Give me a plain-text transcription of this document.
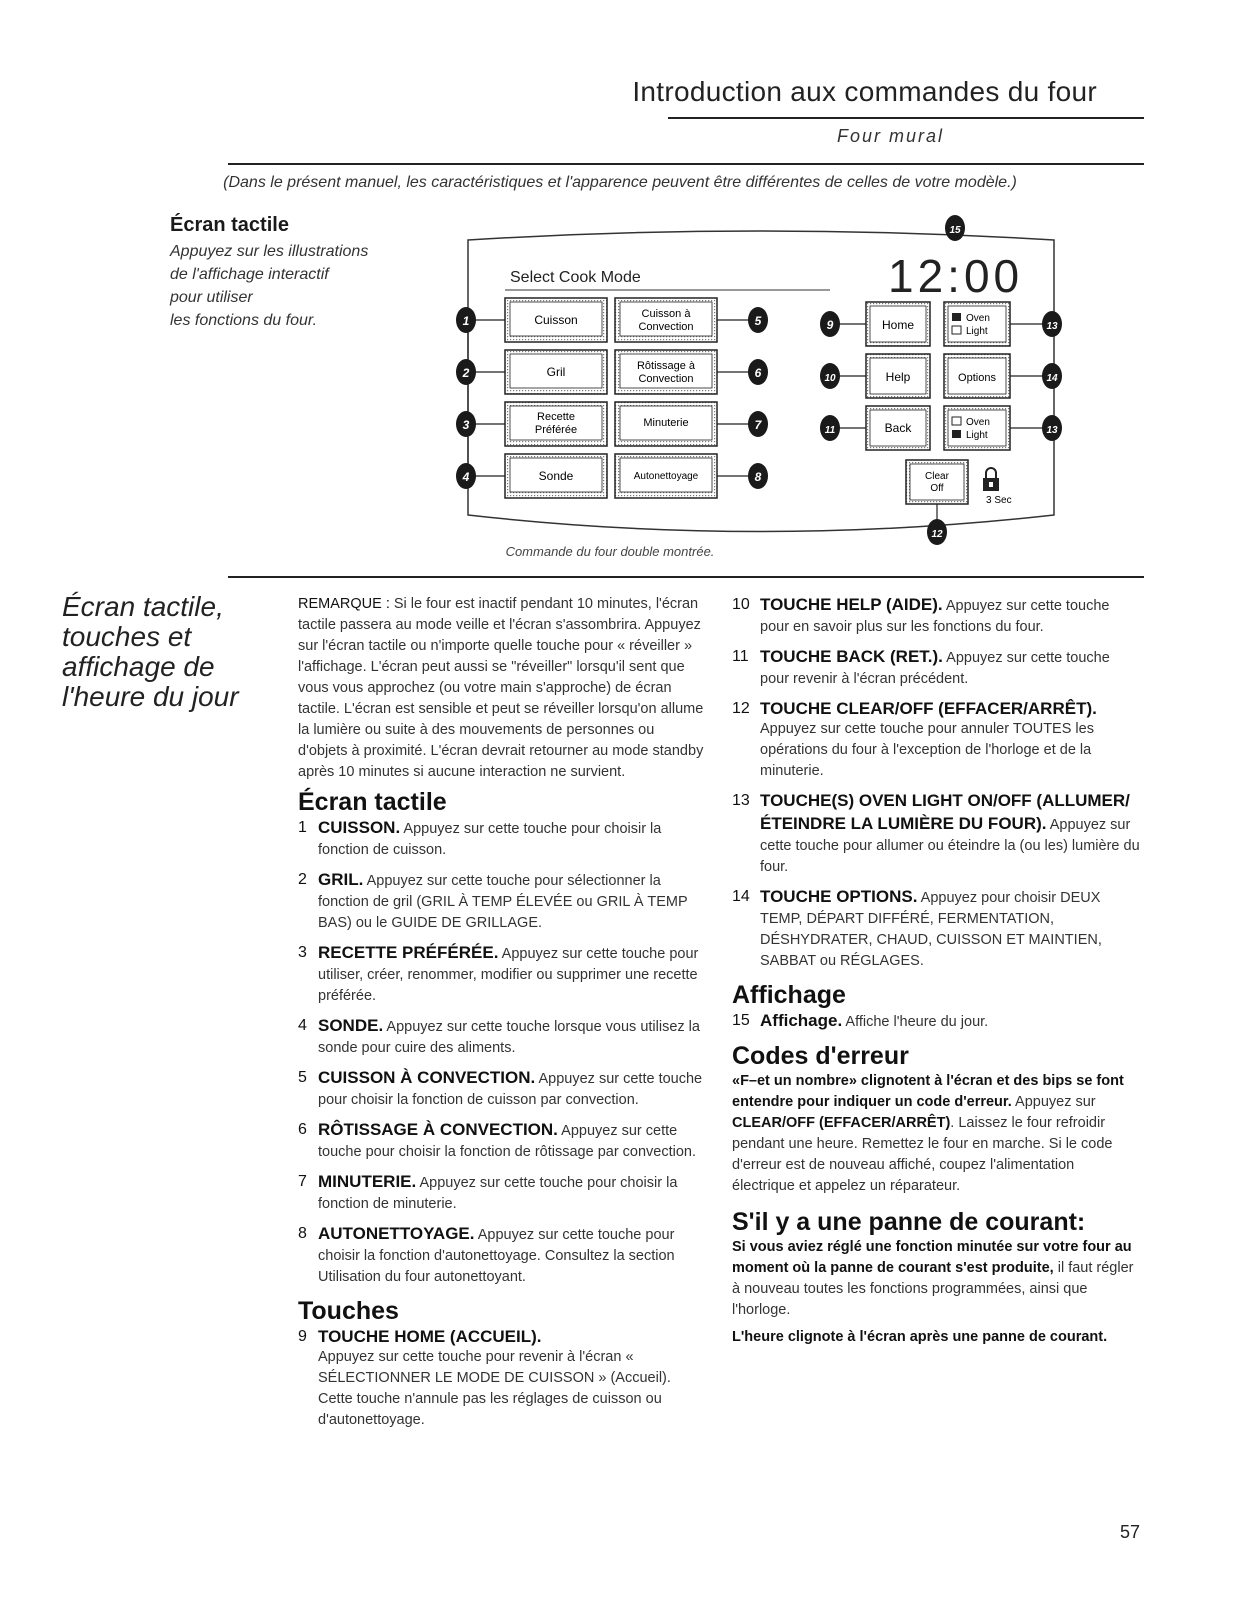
Introduction aux commandes du four
Four mural
(Dans le présent manuel, les caractéristiques et l'apparence peuvent être différentes de celles de votre modèle.)
Écran tactile
Appuyez sur les illustrations
de l'affichage interactif
pour utiliser
les fonctions du four.
Select Cook Mode	12:00
Cuisson
Gril
Recette
Préférée
Sonde
Cuisson à
Convection
Rôtissage à
Convection
Minuterie
Autonettoyage
Home
Help
Back
Oven
Light
Options
Oven
Light
Clear
Off
3 Sec
1
2
3
4
5
6
7
8
9
10
11
12
13
14
13
15
Commande du four double montrée.
Écran tactile, touches et affichage de l'heure du jour

REMARQUE : Si le four est inactif pendant 10 minutes, l'écran tactile passera au mode veille et l'écran s'assombrira. Appuyez sur l'écran tactile ou n'importe quelle touche pour « réveiller » l'affichage. L'écran peut aussi se "réveiller" lorsqu'il sent que vous vous approchez (ou votre main s'approche) de écran tactile. L'écran est sensible et peut se réveiller lorsqu'on allume la lumière ou suite à des mouvements de personnes ou d'objets à proximité. L'écran devrait retourner au mode standby après 10 minutes si aucune interaction ne survient.

Écran tactile
1 CUISSON. Appuyez sur cette touche pour choisir la fonction de cuisson.
2 GRIL. Appuyez sur cette touche pour sélectionner la fonction de gril (GRIL À TEMP ÉLEVÉE ou GRIL À TEMP BAS) ou le GUIDE DE GRILLAGE.
3 RECETTE PRÉFÉRÉE. Appuyez sur cette touche pour utiliser, créer, renommer, modifier ou supprimer une recette préférée.
4 SONDE. Appuyez sur cette touche lorsque vous utilisez la sonde pour cuire des aliments.
5 CUISSON À CONVECTION. Appuyez sur cette touche pour choisir la fonction de cuisson par convection.
6 RÔTISSAGE À CONVECTION. Appuyez sur cette touche pour choisir la fonction de rôtissage par convection.
7 MINUTERIE. Appuyez sur cette touche pour choisir la fonction de minuterie.
8 AUTONETTOYAGE. Appuyez sur cette touche pour choisir la fonction d'autonettoyage. Consultez la section Utilisation du four autonettoyant.
Touches
9 TOUCHE HOME (ACCUEIL).
Appuyez sur cette touche pour revenir à l'écran « SÉLECTIONNER LE MODE DE CUISSON » (Accueil). Cette touche n'annule pas les réglages de cuisson ou d'autonettoyage.
10 TOUCHE HELP (AIDE). Appuyez sur cette touche pour en savoir plus sur les fonctions du four.
11 TOUCHE BACK (RET.). Appuyez sur cette touche pour revenir à l'écran précédent.
12 TOUCHE CLEAR/OFF (EFFACER/ARRÊT).
Appuyez sur cette touche pour annuler TOUTES les opérations du four à l'exception de l'horloge et de la minuterie.
13 TOUCHE(S) OVEN LIGHT ON/OFF (ALLUMER/ÉTEINDRE LA LUMIÈRE DU FOUR). Appuyez sur cette touche pour allumer ou éteindre la (ou les) lumière du four.
14 TOUCHE OPTIONS. Appuyez pour choisir DEUX TEMP, DÉPART DIFFÉRÉ, FERMENTATION, DÉSHYDRATER, CHAUD, CUISSON ET MAINTIEN, SABBAT ou RÉGLAGES.
Affichage
15 Affichage. Affiche l'heure du jour.
Codes d'erreur

«F–et un nombre» clignotent à l'écran et des bips se font entendre pour indiquer un code d'erreur. Appuyez sur CLEAR/OFF (EFFACER/ARRÊT). Laissez le four refroidir pendant une heure. Remettez le four en marche. Si le code d'erreur est de nouveau affiché, coupez l'alimentation électrique et appelez un réparateur.

S'il y a une panne de courant:

Si vous aviez réglé une fonction minutée sur votre four au moment où la panne de courant s'est produite, il faut régler à nouveau toutes les fonctions programmées, ainsi que l'horloge.

L'heure clignote à l'écran après une panne de courant.

57
